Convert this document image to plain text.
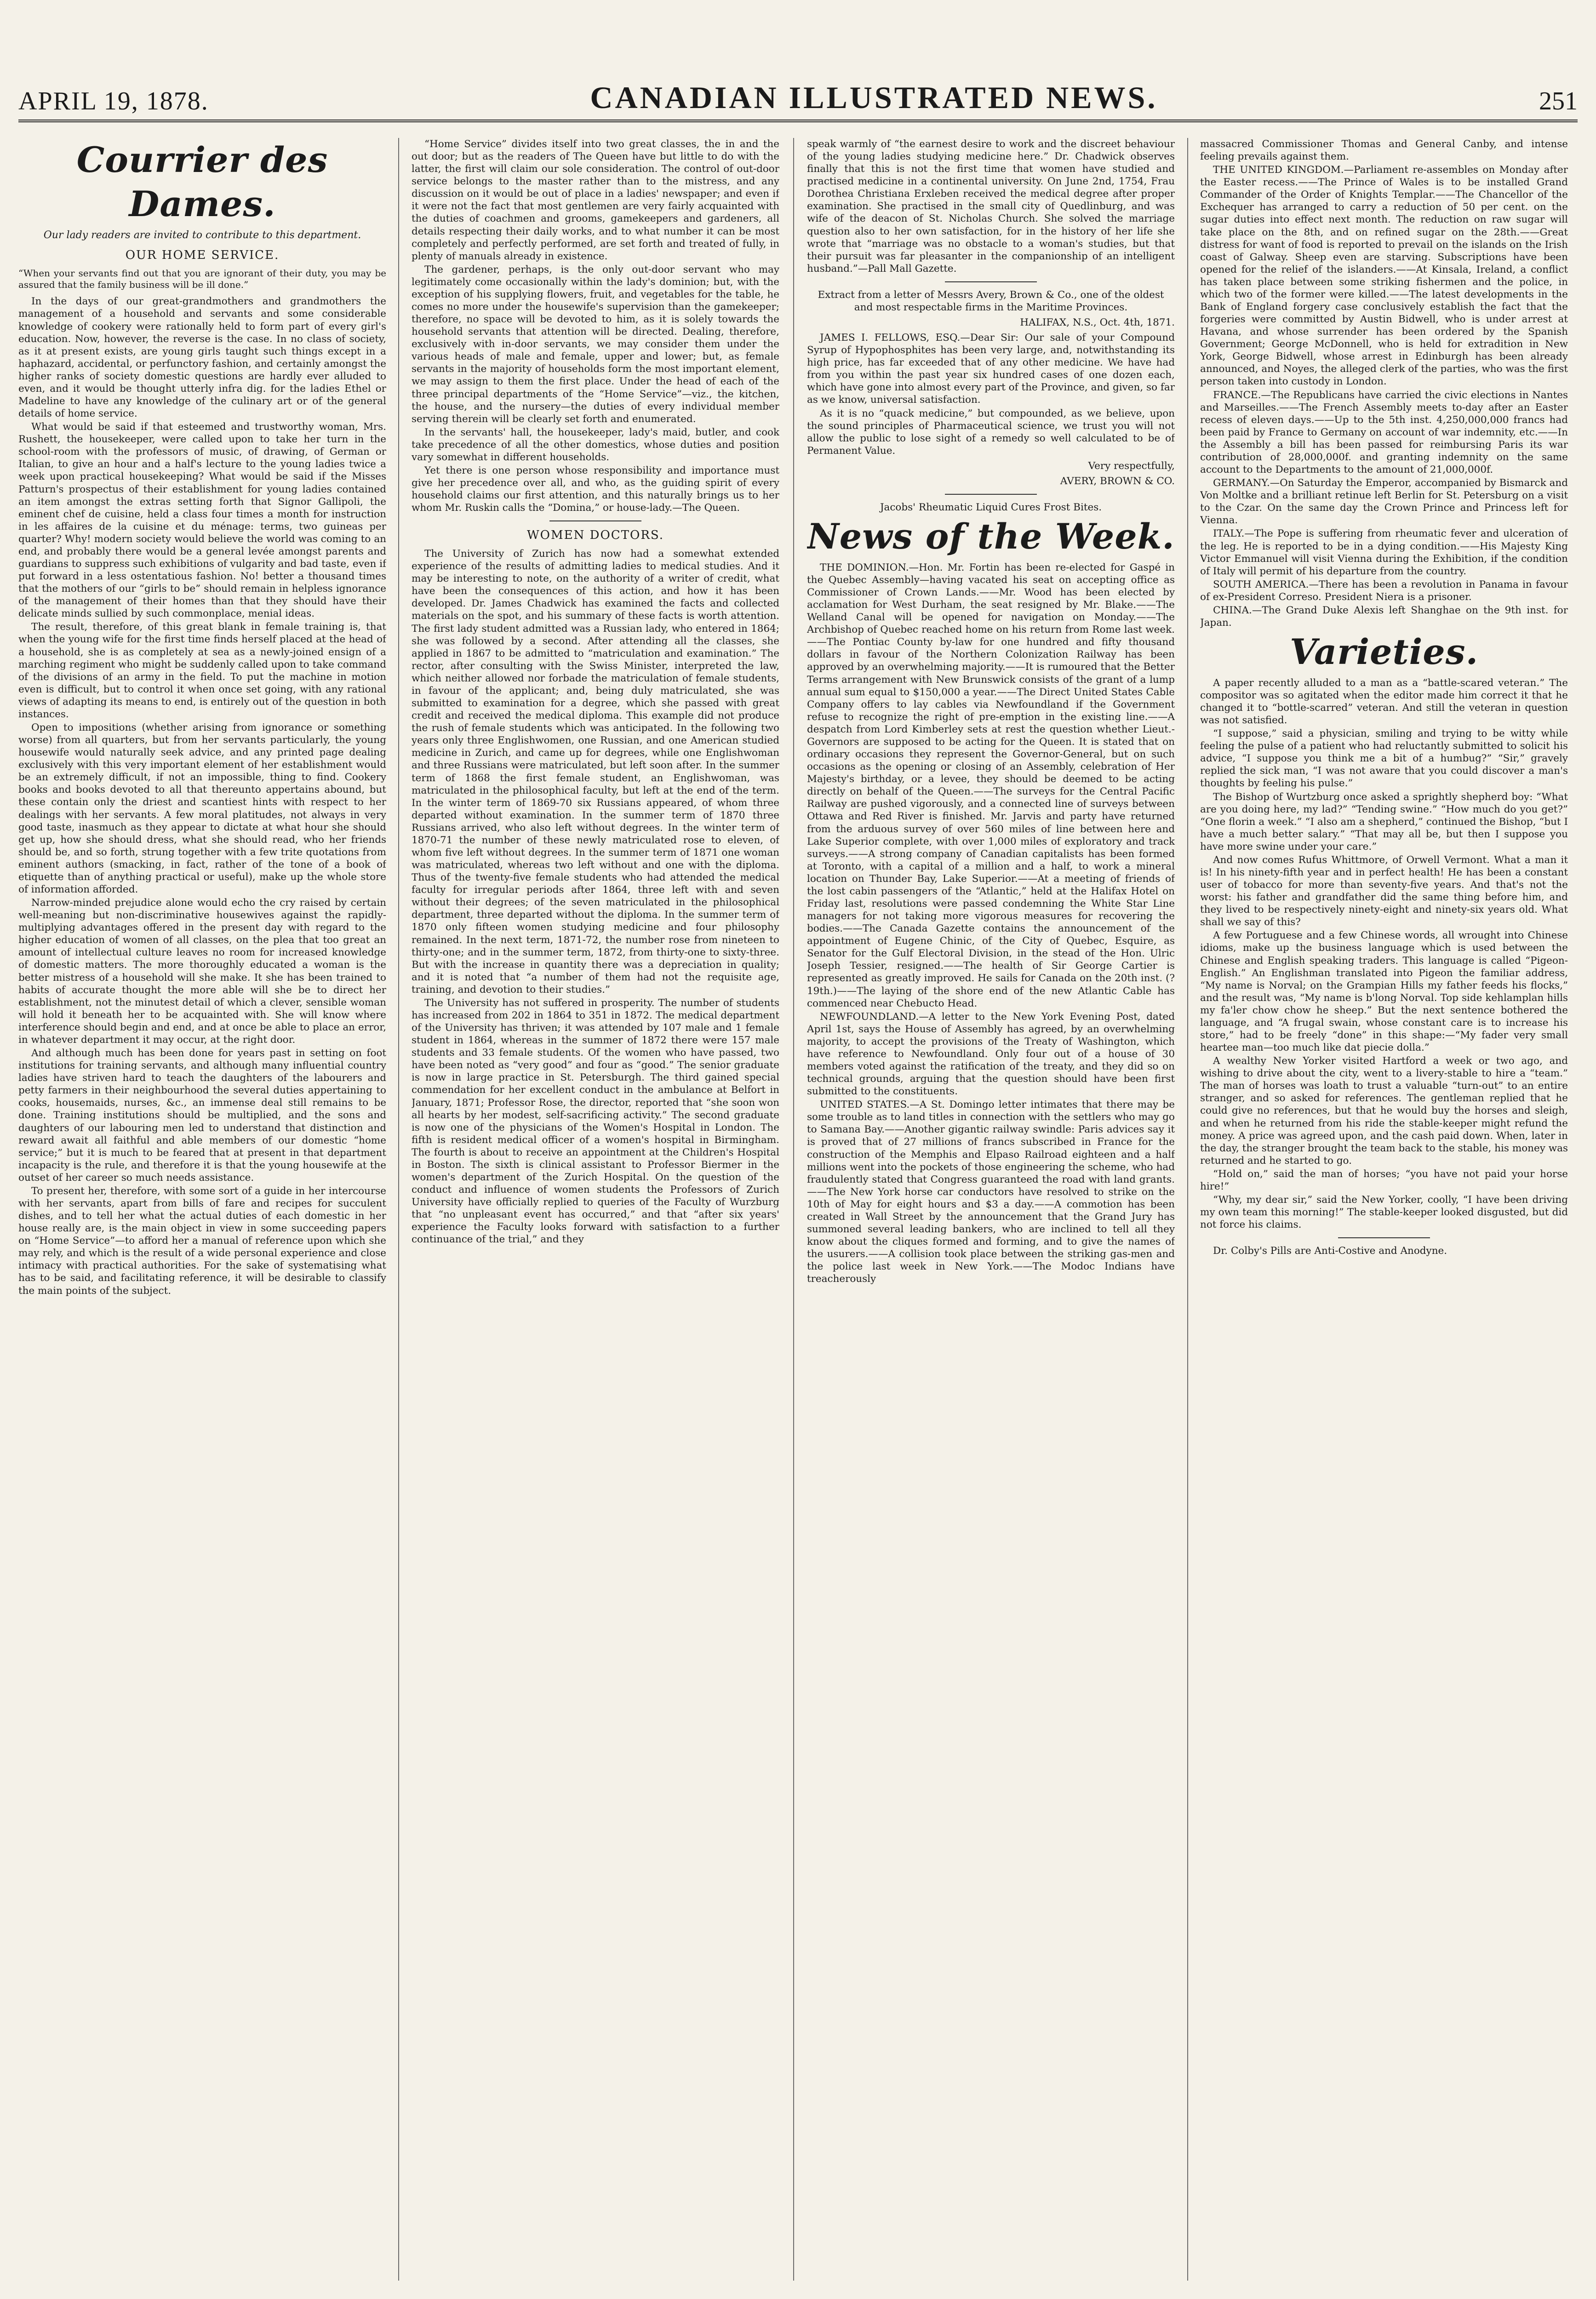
APRIL 19, 1878.	CANADIAN ILLUSTRATED NEWS.	251
Courrier des Dames.
Our lady readers are invited to contribute to this department.
OUR HOME SERVICE.

“When your servants find out that you are ignorant of their duty, you may be assured that the family business will be ill done.”

In the days of our great-grandmothers and grandmothers the management of a household and servants and some considerable knowledge of cookery were rationally held to form part of every girl's education. Now, however, the reverse is the case. In no class of society, as it at present exists, are young girls taught such things except in a haphazard, accidental, or perfunctory fashion, and certainly amongst the higher ranks of society domestic questions are hardly ever alluded to even, and it would be thought utterly infra dig. for the ladies Ethel or Madeline to have any knowledge of the culinary art or of the general details of home service.

What would be said if that esteemed and trustworthy woman, Mrs. Rushett, the housekeeper, were called upon to take her turn in the school-room with the professors of music, of drawing, of German or Italian, to give an hour and a half's lecture to the young ladies twice a week upon practical housekeeping? What would be said if the Misses Patturn's prospectus of their establishment for young ladies contained an item amongst the extras setting forth that Signor Gallipoli, the eminent chef de cuisine, held a class four times a month for instruction in les affaires de la cuisine et du ménage: terms, two guineas per quarter? Why! modern society would believe the world was coming to an end, and probably there would be a general levée amongst parents and guardians to suppress such exhibitions of vulgarity and bad taste, even if put forward in a less ostentatious fashion. No! better a thousand times that the mothers of our “girls to be” should remain in helpless ignorance of the management of their homes than that they should have their delicate minds sullied by such commonplace, menial ideas.

The result, therefore, of this great blank in female training is, that when the young wife for the first time finds herself placed at the head of a household, she is as completely at sea as a newly-joined ensign of a marching regiment who might be suddenly called upon to take command of the divisions of an army in the field. To put the machine in motion even is difficult, but to control it when once set going, with any rational views of adapting its means to end, is entirely out of the question in both instances.

Open to impositions (whether arising from ignorance or something worse) from all quarters, but from her servants particularly, the young housewife would naturally seek advice, and any printed page dealing exclusively with this very important element of her establishment would be an extremely difficult, if not an impossible, thing to find. Cookery books and books devoted to all that thereunto appertains abound, but these contain only the driest and scantiest hints with respect to her dealings with her servants. A few moral platitudes, not always in very good taste, inasmuch as they appear to dictate at what hour she should get up, how she should dress, what she should read, who her friends should be, and so forth, strung together with a few trite quotations from eminent authors (smacking, in fact, rather of the tone of a book of etiquette than of anything practical or useful), make up the whole store of information afforded.

Narrow-minded prejudice alone would echo the cry raised by certain well-meaning but non-discriminative housewives against the rapidly-multiplying advantages offered in the present day with regard to the higher education of women of all classes, on the plea that too great an amount of intellectual culture leaves no room for increased knowledge of domestic matters. The more thoroughly educated a woman is the better mistress of a household will she make. It she has been trained to habits of accurate thought the more able will she be to direct her establishment, not the minutest detail of which a clever, sensible woman will hold it beneath her to be acquainted with. She will know where interference should begin and end, and at once be able to place an error, in whatever department it may occur, at the right door.

And although much has been done for years past in setting on foot institutions for training servants, and although many influential country ladies have striven hard to teach the daughters of the labourers and petty farmers in their neighbourhood the several duties appertaining to cooks, housemaids, nurses, &c., an immense deal still remains to be done. Training institutions should be multiplied, and the sons and daughters of our labouring men led to understand that distinction and reward await all faithful and able members of our domestic “home service;” but it is much to be feared that at present in that department incapacity is the rule, and therefore it is that the young housewife at the outset of her career so much needs assistance.

To present her, therefore, with some sort of a guide in her intercourse with her servants, apart from bills of fare and recipes for succulent dishes, and to tell her what the actual duties of each domestic in her house really are, is the main object in view in some succeeding papers on “Home Service”—to afford her a manual of reference upon which she may rely, and which is the result of a wide personal experience and close intimacy with practical authorities. For the sake of systematising what has to be said, and facilitating reference, it will be desirable to classify the main points of the subject.

“Home Service” divides itself into two great classes, the in and the out door; but as the readers of The Queen have but little to do with the latter, the first will claim our sole consideration. The control of out-door service belongs to the master rather than to the mistress, and any discussion on it would be out of place in a ladies' newspaper; and even if it were not the fact that most gentlemen are very fairly acquainted with the duties of coachmen and grooms, gamekeepers and gardeners, all details respecting their daily works, and to what number it can be most completely and perfectly performed, are set forth and treated of fully, in plenty of manuals already in existence.

The gardener, perhaps, is the only out-door servant who may legitimately come occasionally within the lady's dominion; but, with the exception of his supplying flowers, fruit, and vegetables for the table, he comes no more under the housewife's supervision than the gamekeeper; therefore, no space will be devoted to him, as it is solely towards the household servants that attention will be directed. Dealing, therefore, exclusively with in-door servants, we may consider them under the various heads of male and female, upper and lower; but, as female servants in the majority of households form the most important element, we may assign to them the first place. Under the head of each of the three principal departments of the “Home Service”—viz., the kitchen, the house, and the nursery—the duties of every individual member serving therein will be clearly set forth and enumerated.

In the servants' hall, the housekeeper, lady's maid, butler, and cook take precedence of all the other domestics, whose duties and position vary somewhat in different households.

Yet there is one person whose responsibility and importance must give her precedence over all, and who, as the guiding spirit of every household claims our first attention, and this naturally brings us to her whom Mr. Ruskin calls the “Domina,” or house-lady.—The Queen.

WOMEN DOCTORS.

The University of Zurich has now had a somewhat extended experience of the results of admitting ladies to medical studies. And it may be interesting to note, on the authority of a writer of credit, what have been the consequences of this action, and how it has been developed. Dr. James Chadwick has examined the facts and collected materials on the spot, and his summary of these facts is worth attention. The first lady student admitted was a Russian lady, who entered in 1864; she was followed by a second. After attending all the classes, she applied in 1867 to be admitted to “matriculation and examination.” The rector, after consulting with the Swiss Minister, interpreted the law, which neither allowed nor forbade the matriculation of female students, in favour of the applicant; and, being duly matriculated, she was submitted to examination for a degree, which she passed with great credit and received the medical diploma. This example did not produce the rush of female students which was anticipated. In the following two years only three Englishwomen, one Russian, and one American studied medicine in Zurich, and came up for degrees, while one Englishwoman and three Russians were matriculated, but left soon after. In the summer term of 1868 the first female student, an Englishwoman, was matriculated in the philosophical faculty, but left at the end of the term. In the winter term of 1869-70 six Russians appeared, of whom three departed without examination. In the summer term of 1870 three Russians arrived, who also left without degrees. In the winter term of 1870-71 the number of these newly matriculated rose to eleven, of whom five left without degrees. In the summer term of 1871 one woman was matriculated, whereas two left without and one with the diploma. Thus of the twenty-five female students who had attended the medical faculty for irregular periods after 1864, three left with and seven without their degrees; of the seven matriculated in the philosophical department, three departed without the diploma. In the summer term of 1870 only fifteen women studying medicine and four philosophy remained. In the next term, 1871-72, the number rose from nineteen to thirty-one; and in the summer term, 1872, from thirty-one to sixty-three. But with the increase in quantity there was a depreciation in quality; and it is noted that “a number of them had not the requisite age, training, and devotion to their studies.”

The University has not suffered in prosperity. The number of students has increased from 202 in 1864 to 351 in 1872. The medical department of the University has thriven; it was attended by 107 male and 1 female student in 1864, whereas in the summer of 1872 there were 157 male students and 33 female students. Of the women who have passed, two have been noted as “very good” and four as “good.” The senior graduate is now in large practice in St. Petersburgh. The third gained special commendation for her excellent conduct in the ambulance at Belfort in January, 1871; Professor Rose, the director, reported that “she soon won all hearts by her modest, self-sacrificing activity.” The second graduate is now one of the physicians of the Women's Hospital in London. The fifth is resident medical officer of a women's hospital in Birmingham. The fourth is about to receive an appointment at the Children's Hospital in Boston. The sixth is clinical assistant to Professor Biermer in the women's department of the Zurich Hospital. On the question of the conduct and influence of women students the Professors of Zurich University have officially replied to queries of the Faculty of Wurzburg that “no unpleasant event has occurred,” and that “after six years' experience the Faculty looks forward with satisfaction to a further continuance of the trial,” and they

speak warmly of “the earnest desire to work and the discreet behaviour of the young ladies studying medicine here.” Dr. Chadwick observes finally that this is not the first time that women have studied and practised medicine in a continental university. On June 2nd, 1754, Frau Dorothea Christiana Erxleben received the medical degree after proper examination. She practised in the small city of Quedlinburg, and was wife of the deacon of St. Nicholas Church. She solved the marriage question also to her own satisfaction, for in the history of her life she wrote that “marriage was no obstacle to a woman's studies, but that their pursuit was far pleasanter in the companionship of an intelligent husband.”—Pall Mall Gazette.

Extract from a letter of Messrs Avery, Brown & Co., one of the oldest and most respectable firms in the Maritime Provinces.

HALIFAX, N.S., Oct. 4th, 1871.

JAMES I. FELLOWS, ESQ.—Dear Sir: Our sale of your Compound Syrup of Hypophosphites has been very large, and, notwithstanding its high price, has far exceeded that of any other medicine. We have had from you within the past year six hundred cases of one dozen each, which have gone into almost every part of the Province, and given, so far as we know, universal satisfaction.

As it is no “quack medicine,” but compounded, as we believe, upon the sound principles of Pharmaceutical science, we trust you will not allow the public to lose sight of a remedy so well calculated to be of Permanent Value.

Very respectfully,

AVERY, BROWN & CO.

Jacobs' Rheumatic Liquid Cures Frost Bites.

News of the Week.

THE DOMINION.—Hon. Mr. Fortin has been re-elected for Gaspé in the Quebec Assembly—having vacated his seat on accepting office as Commissioner of Crown Lands.——Mr. Wood has been elected by acclamation for West Durham, the seat resigned by Mr. Blake.——The Welland Canal will be opened for navigation on Monday.——The Archbishop of Quebec reached home on his return from Rome last week.——The Pontiac County by-law for one hundred and fifty thousand dollars in favour of the Northern Colonization Railway has been approved by an overwhelming majority.——It is rumoured that the Better Terms arrangement with New Brunswick consists of the grant of a lump annual sum equal to $150,000 a year.——The Direct United States Cable Company offers to lay cables via Newfoundland if the Government refuse to recognize the right of pre-emption in the existing line.——A despatch from Lord Kimberley sets at rest the question whether Lieut.-Governors are supposed to be acting for the Queen. It is stated that on ordinary occasions they represent the Governor-General, but on such occasions as the opening or closing of an Assembly, celebration of Her Majesty's birthday, or a levee, they should be deemed to be acting directly on behalf of the Queen.——The surveys for the Central Pacific Railway are pushed vigorously, and a connected line of surveys between Ottawa and Red River is finished. Mr. Jarvis and party have returned from the arduous survey of over 560 miles of line between here and Lake Superior complete, with over 1,000 miles of exploratory and track surveys.——A strong company of Canadian capitalists has been formed at Toronto, with a capital of a million and a half, to work a mineral location on Thunder Bay, Lake Superior.——At a meeting of friends of the lost cabin passengers of the “Atlantic,” held at the Halifax Hotel on Friday last, resolutions were passed condemning the White Star Line managers for not taking more vigorous measures for recovering the bodies.——The Canada Gazette contains the announcement of the appointment of Eugene Chinic, of the City of Quebec, Esquire, as Senator for the Gulf Electoral Division, in the stead of the Hon. Ulric Joseph Tessier, resigned.——The health of Sir George Cartier is represented as greatly improved. He sails for Canada on the 20th inst. (? 19th.)——The laying of the shore end of the new Atlantic Cable has commenced near Chebucto Head.

NEWFOUNDLAND.—A letter to the New York Evening Post, dated April 1st, says the House of Assembly has agreed, by an overwhelming majority, to accept the provisions of the Treaty of Washington, which have reference to Newfoundland. Only four out of a house of 30 members voted against the ratification of the treaty, and they did so on technical grounds, arguing that the question should have been first submitted to the constituents.

UNITED STATES.—A St. Domingo letter intimates that there may be some trouble as to land titles in connection with the settlers who may go to Samana Bay.——Another gigantic railway swindle: Paris advices say it is proved that of 27 millions of francs subscribed in France for the construction of the Memphis and Elpaso Railroad eighteen and a half millions went into the pockets of those engineering the scheme, who had fraudulently stated that Congress guaranteed the road with land grants.——The New York horse car conductors have resolved to strike on the 10th of May for eight hours and $3 a day.——A commotion has been created in Wall Street by the announcement that the Grand Jury has summoned several leading bankers, who are inclined to tell all they know about the cliques formed and forming, and to give the names of the usurers.——A collision took place between the striking gas-men and the police last week in New York.——The Modoc Indians have treacherously

massacred Commissioner Thomas and General Canby, and intense feeling prevails against them.

THE UNITED KINGDOM.—Parliament re-assembles on Monday after the Easter recess.——The Prince of Wales is to be installed Grand Commander of the Order of Knights Templar.——The Chancellor of the Exchequer has arranged to carry a reduction of 50 per cent. on the sugar duties into effect next month. The reduction on raw sugar will take place on the 8th, and on refined sugar on the 28th.——Great distress for want of food is reported to prevail on the islands on the Irish coast of Galway. Sheep even are starving. Subscriptions have been opened for the relief of the islanders.——At Kinsala, Ireland, a conflict has taken place between some striking fishermen and the police, in which two of the former were killed.——The latest developments in the Bank of England forgery case conclusively establish the fact that the forgeries were committed by Austin Bidwell, who is under arrest at Havana, and whose surrender has been ordered by the Spanish Government; George McDonnell, who is held for extradition in New York, George Bidwell, whose arrest in Edinburgh has been already announced, and Noyes, the alleged clerk of the parties, who was the first person taken into custody in London.

FRANCE.—The Republicans have carried the civic elections in Nantes and Marseilles.——The French Assembly meets to-day after an Easter recess of eleven days.——Up to the 5th inst. 4,250,000,000 francs had been paid by France to Germany on account of war indemnity, etc.——In the Assembly a bill has been passed for reimbursing Paris its war contribution of 28,000,000f. and granting indemnity on the same account to the Departments to the amount of 21,000,000f.

GERMANY.—On Saturday the Emperor, accompanied by Bismarck and Von Moltke and a brilliant retinue left Berlin for St. Petersburg on a visit to the Czar. On the same day the Crown Prince and Princess left for Vienna.

ITALY.—The Pope is suffering from rheumatic fever and ulceration of the leg. He is reported to be in a dying condition.——His Majesty King Victor Emmanuel will visit Vienna during the Exhibition, if the condition of Italy will permit of his departure from the country.

SOUTH AMERICA.—There has been a revolution in Panama in favour of ex-President Correso. President Niera is a prisoner.

CHINA.—The Grand Duke Alexis left Shanghae on the 9th inst. for Japan.

Varieties.

A paper recently alluded to a man as a “battle-scared veteran.” The compositor was so agitated when the editor made him correct it that he changed it to “bottle-scarred” veteran. And still the veteran in question was not satisfied.

“I suppose,” said a physician, smiling and trying to be witty while feeling the pulse of a patient who had reluctantly submitted to solicit his advice, “I suppose you think me a bit of a humbug?” “Sir,” gravely replied the sick man, “I was not aware that you could discover a man's thoughts by feeling his pulse.”

The Bishop of Wurtzburg once asked a sprightly shepherd boy: “What are you doing here, my lad?” “Tending swine.” “How much do you get?” “One florin a week.” “I also am a shepherd,” continued the Bishop, “but I have a much better salary.” “That may all be, but then I suppose you have more swine under your care.”

And now comes Rufus Whittmore, of Orwell Vermont. What a man it is! In his ninety-fifth year and in perfect health! He has been a constant user of tobacco for more than seventy-five years. And that's not the worst: his father and grandfather did the same thing before him, and they lived to be respectively ninety-eight and ninety-six years old. What shall we say of this?

A few Portuguese and a few Chinese words, all wrought into Chinese idioms, make up the business language which is used between the Chinese and English speaking traders. This language is called “Pigeon-English.” An Englishman translated into Pigeon the familiar address, “My name is Norval; on the Grampian Hills my father feeds his flocks,” and the result was, “My name is b'long Norval. Top side kehlamplan hills my fa'ler chow chow he sheep.” But the next sentence bothered the language, and “A frugal swain, whose constant care is to increase his store,” had to be freely “done” in this shape:—“My fader very small heartee man—too much like dat piecie dolla.”

A wealthy New Yorker visited Hartford a week or two ago, and wishing to drive about the city, went to a livery-stable to hire a “team.” The man of horses was loath to trust a valuable “turn-out” to an entire stranger, and so asked for references. The gentleman replied that he could give no references, but that he would buy the horses and sleigh, and when he returned from his ride the stable-keeper might refund the money. A price was agreed upon, and the cash paid down. When, later in the day, the stranger brought the team back to the stable, his money was returned and he started to go.

“Hold on,” said the man of horses; “you have not paid your horse hire!”

“Why, my dear sir,” said the New Yorker, coolly, “I have been driving my own team this morning!” The stable-keeper looked disgusted, but did not force his claims.

Dr. Colby's Pills are Anti-Costive and Anodyne.
